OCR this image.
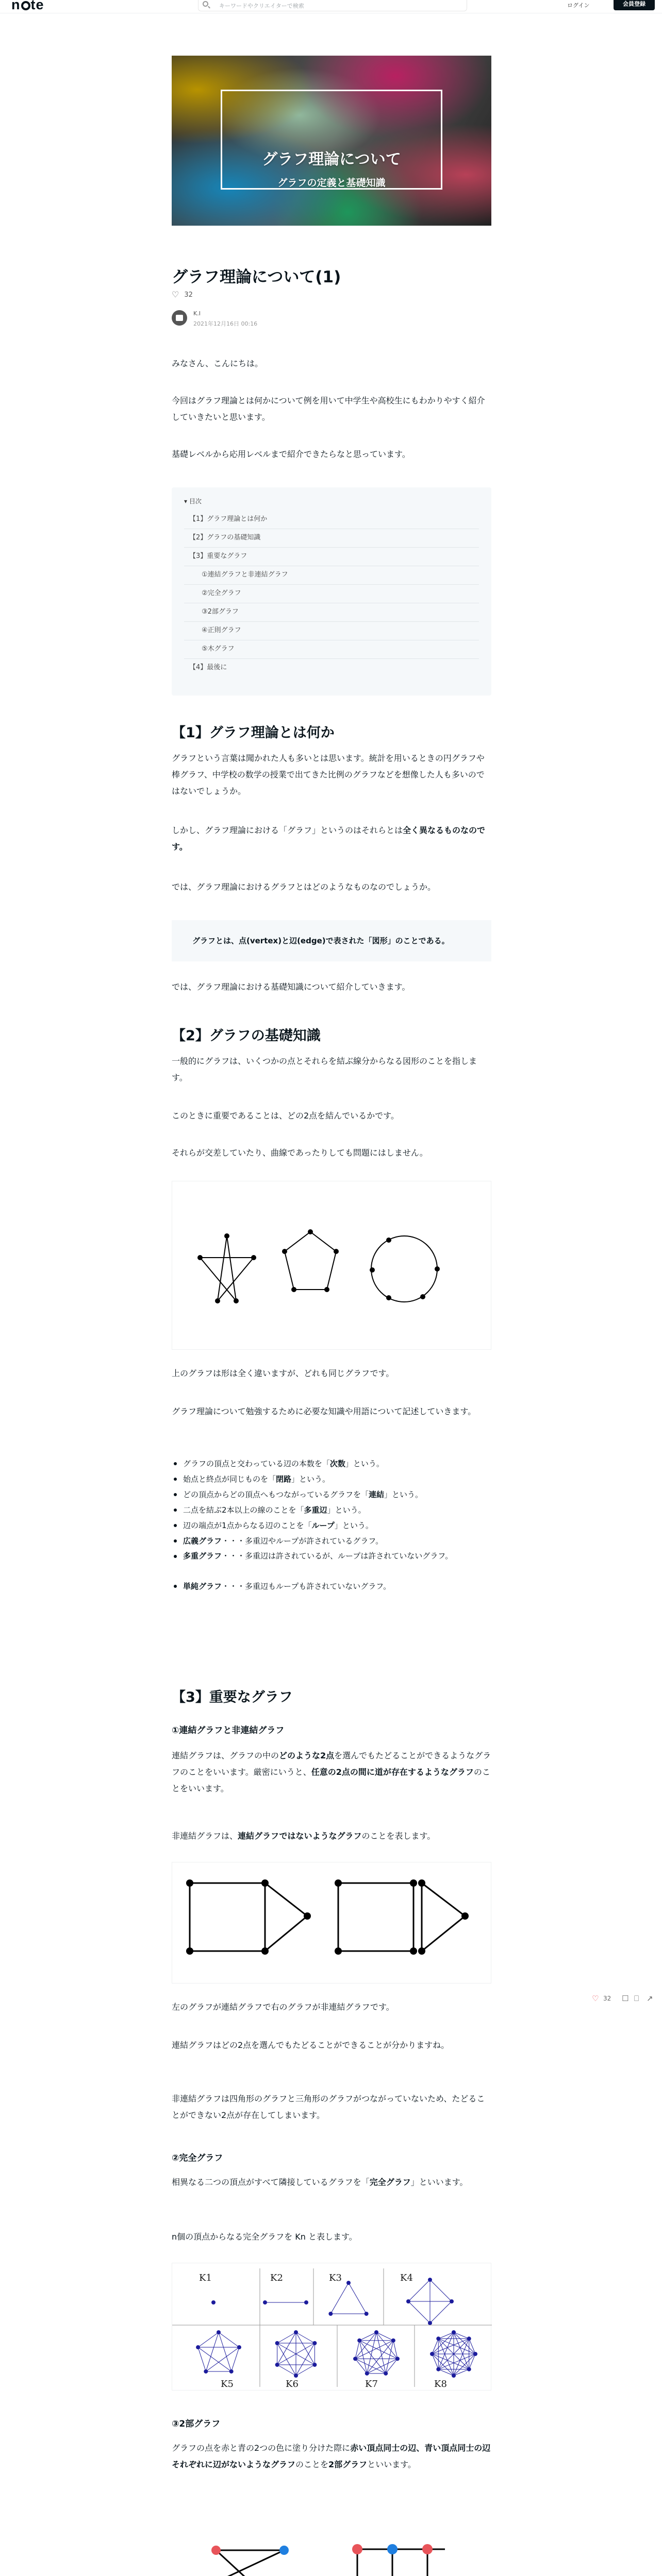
n te	キーワードやクリエイターで検索	ログイン	会員登録
グラフ理論について
グラフの定義と基礎知識
グラフ理論について(1)
♡ 32
K.I
2021年12月16日 00:16

みなさん、こんにちは。

今回はグラフ理論とは何かについて例を用いて中学生や高校生にもわかりやすく紹介していきたいと思います。

基礎レベルから応用レベルまで紹介できたらなと思っています。

▾ 目次
【1】グラフ理論とは何か
【2】グラフの基礎知識
【3】重要なグラフ
①連結グラフと非連結グラフ
②完全グラフ
③2部グラフ
④正則グラフ
⑤木グラフ
【4】最後に
【1】グラフ理論とは何か

グラフという言葉は聞かれた人も多いとは思います。統計を用いるときの円グラフや棒グラフ、中学校の数学の授業で出てきた比例のグラフなどを想像した人も多いのではないでしょうか。

しかし、グラフ理論における「グラフ」というのはそれらとは全く異なるものなのです。

では、グラフ理論におけるグラフとはどのようなものなのでしょうか。

グラフとは、点(vertex)と辺(edge)で表された「図形」のことである。

では、グラフ理論における基礎知識について紹介していきます。

【2】グラフの基礎知識

一般的にグラフは、いくつかの点とそれらを結ぶ線分からなる図形のことを指します。

このときに重要であることは、どの2点を結んでいるかです。

それらが交差していたり、曲線であったりしても問題にはしません。

上のグラフは形は全く違いますが、どれも同じグラフです。

グラフ理論について勉強するために必要な知識や用語について記述していきます。

グラフの頂点と交わっている辺の本数を「次数」という。
始点と終点が同じものを「閉路」という。
どの頂点からどの頂点へもつながっているグラフを「連結」という。
二点を結ぶ2本以上の線のことを「多重辺」という。
辺の端点が1点からなる辺のことを「ループ」という。
広義グラフ・・・多重辺やループが許されているグラフ。
多重グラフ・・・多重辺は許されているが、ループは許されていないグラフ。
単純グラフ・・・多重辺もループも許されていないグラフ。
【3】重要なグラフ
①連結グラフと非連結グラフ

連結グラフは、グラフの中のどのような2点を選んでもたどることができるようなグラフのことをいいます。厳密にいうと、任意の2点の間に道が存在するようなグラフのことをいいます。

非連結グラフは、連結グラフではないようなグラフのことを表します。

左のグラフが連結グラフで右のグラフが非連結グラフです。

連結グラフはどの2点を選んでもたどることができることが分かりますね。

非連結グラフは四角形のグラフと三角形のグラフがつながっていないため、たどることができない2点が存在してしまいます。

②完全グラフ

相異なる二つの頂点がすべて隣接しているグラフを「完全グラフ」といいます。

n個の頂点からなる完全グラフを Kn と表します。

K1	K2	K3	K4
K5	K6	K7	K8
③2部グラフ

グラフの点を赤と青の2つの色に塗り分けた際に赤い頂点同士の辺、青い頂点同士の辺それぞれに辺がないようなグラフのことを2部グラフといいます。

♡ 32 ☐ ⎕ ↗
